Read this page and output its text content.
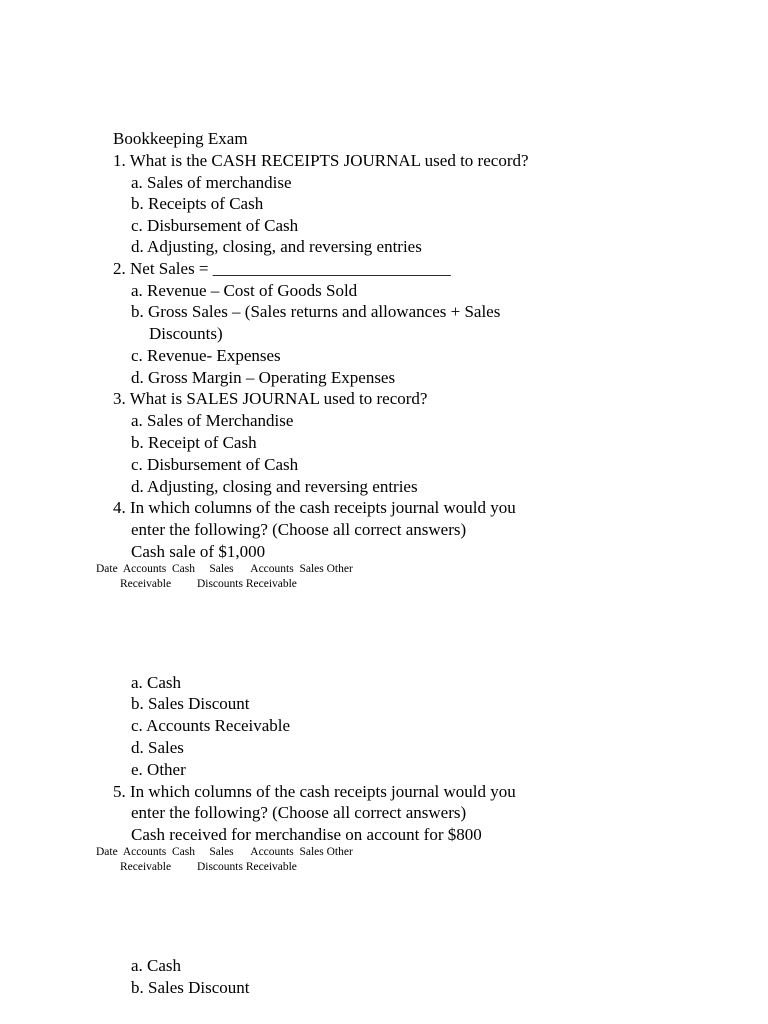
Bookkeeping Exam
1. What is the CASH RECEIPTS JOURNAL used to record?
a. Sales of merchandise
b. Receipts of Cash
c. Disbursement of Cash
d. Adjusting, closing, and reversing entries
2. Net Sales = ____________________________
a. Revenue – Cost of Goods Sold
b. Gross Sales – (Sales returns and allowances + Sales
Discounts)
c. Revenue- Expenses
d. Gross Margin – Operating Expenses
3. What is SALES JOURNAL used to record?
a. Sales of Merchandise
b. Receipt of Cash
c. Disbursement of Cash
d. Adjusting, closing and reversing entries
4. In which columns of the cash receipts journal would you
enter the following? (Choose all correct answers)
Cash sale of $1,000
Date  Accounts  Cash     Sales      Accounts  Sales Other
Receivable         Discounts Receivable
a. Cash
b. Sales Discount
c. Accounts Receivable
d. Sales
e. Other
5. In which columns of the cash receipts journal would you
enter the following? (Choose all correct answers)
Cash received for merchandise on account for $800
Date  Accounts  Cash     Sales      Accounts  Sales Other
Receivable         Discounts Receivable
a. Cash
b. Sales Discount
